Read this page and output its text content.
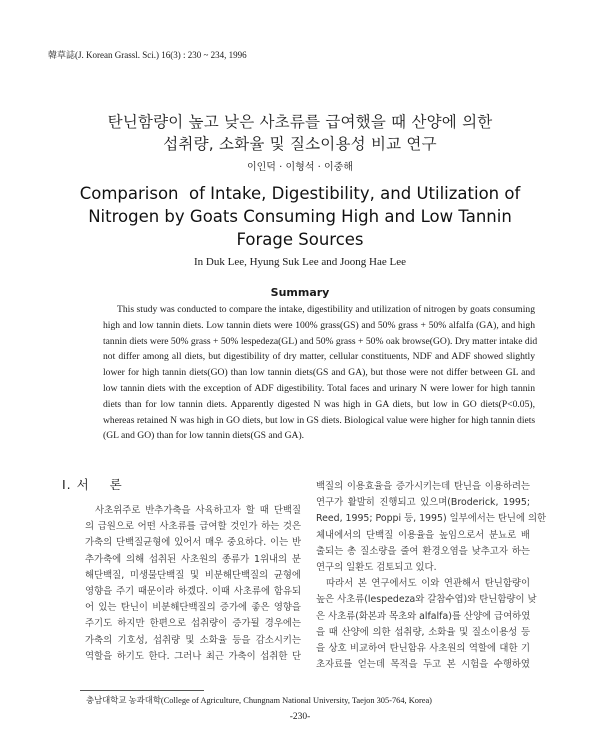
韓草誌(J. Korean Grassl. Sci.) 16(3) : 230 ~ 234, 1996
탄닌함량이 높고 낮은 사초류를 급여했을 때 산양에 의한
섭취량, 소화율 및 질소이용성 비교 연구
이인덕 · 이형석 · 이중해
Comparison  of Intake, Digestibility, and Utilization of
Nitrogen by Goats Consuming High and Low Tannin
Forage Sources
In Duk Lee, Hyung Suk Lee and Joong Hae Lee
Summary
This study was conducted to compare the intake, digestibility and utilization of nitrogen by goats consuming
high and low tannin diets. Low tannin diets were 100% grass(GS) and 50% grass + 50% alfalfa (GA), and high
tannin diets were 50% grass + 50% lespedeza(GL) and 50% grass + 50% oak browse(GO). Dry matter intake did
not differ among all diets, but digestibility of dry matter, cellular constituents, NDF and ADF showed slightly
lower for high tannin diets(GO) than low tannin diets(GS and GA), but those were not differ between GL and
low tannin diets with the exception of ADF digestibility. Total faces and urinary N were lower for high tannin
diets than for low tannin diets. Apparently digested N was high in GA diets, but low in GO diets(P<0.05),
whereas retained N was high in GO diets, but low in GS diets. Biological value were higher for high tannin diets
(GL and GO) than for low tannin diets(GS and GA).
I. 서    론
사초위주로 반추가축을 사육하고자 할 때 단백질
의 급원으로 어떤 사초류를 급여할 것인가 하는 것은
가축의 단백질균형에 있어서 매우 중요하다. 이는 반
추가축에 의해 섭취된 사초원의 종류가 1위내의 분
해단백질, 미생물단백질 및 비분해단백질의 균형에
영향을 주기 때문이라 하겠다. 이때 사초류에 함유되
어 있는 탄닌이 비분해단백질의 증가에 좋은 영향을
주기도 하지만 한편으로 섭취량이 증가될 경우에는
가축의 기호성, 섭취량 및 소화율 등을 감소시키는
역할을 하기도 한다. 그러나 최근 가축이 섭취한 단
백질의 이용효율을 증가시키는데 탄닌을 이용하려는
연구가 활발히 진행되고 있으며(Broderick, 1995;
Reed, 1995; Poppi 등, 1995) 일부에서는 탄닌에 의한
체내에서의 단백질 이용율을 높임으로서 분뇨로 배
출되는 총 질소량을 줄여 환경오염을 낮추고자 하는
연구의 일환도 검토되고 있다.
따라서 본 연구에서도 이와 연관해서 탄닌함량이
높은 사초류(lespedeza와 갈참수엽)와 탄닌함량이 낮
은 사초류(화본과 목초와 alfalfa)를 산양에 급여하였
을 때 산양에 의한 섭취량, 소화율 및 질소이용성 등
을 상호 비교하여 탄닌함유 사초원의 역할에 대한 기
초자료를 얻는데 목적을 두고 본 시험을 수행하였
충남대학교 농과대학(College of Agriculture, Chungnam National University, Taejon 305-764, Korea)
-230-
